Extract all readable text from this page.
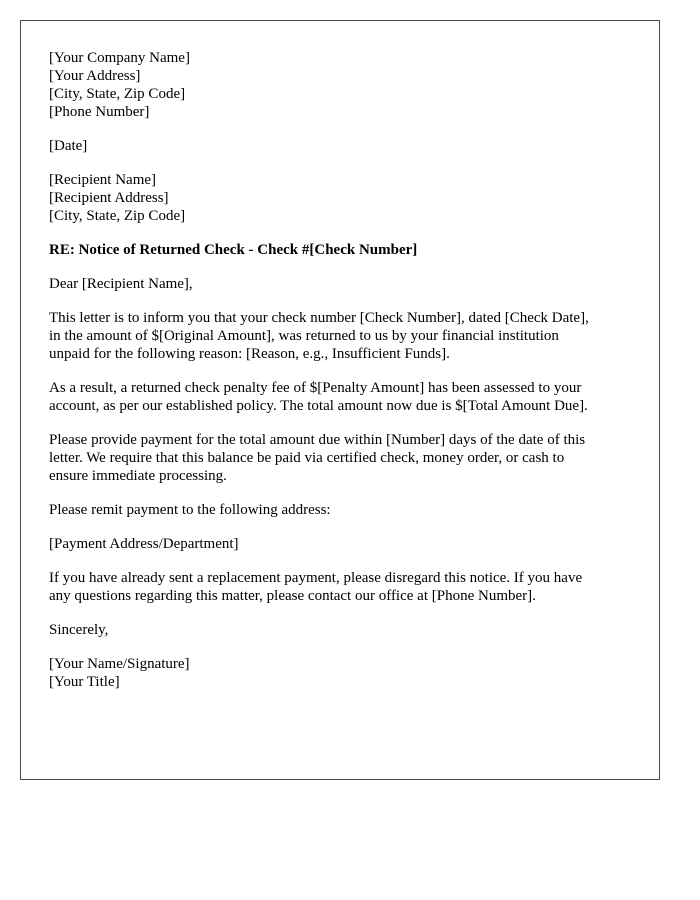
[Your Company Name]
[Your Address]
[City, State, Zip Code]
[Phone Number]
[Date]
[Recipient Name]
[Recipient Address]
[City, State, Zip Code]
RE: Notice of Returned Check - Check #[Check Number]
Dear [Recipient Name],
This letter is to inform you that your check number [Check Number], dated [Check Date],
in the amount of $[Original Amount], was returned to us by your financial institution
unpaid for the following reason: [Reason, e.g., Insufficient Funds].
As a result, a returned check penalty fee of $[Penalty Amount] has been assessed to your
account, as per our established policy. The total amount now due is $[Total Amount Due].
Please provide payment for the total amount due within [Number] days of the date of this
letter. We require that this balance be paid via certified check, money order, or cash to
ensure immediate processing.
Please remit payment to the following address:
[Payment Address/Department]
If you have already sent a replacement payment, please disregard this notice. If you have
any questions regarding this matter, please contact our office at [Phone Number].
Sincerely,
[Your Name/Signature]
[Your Title]
